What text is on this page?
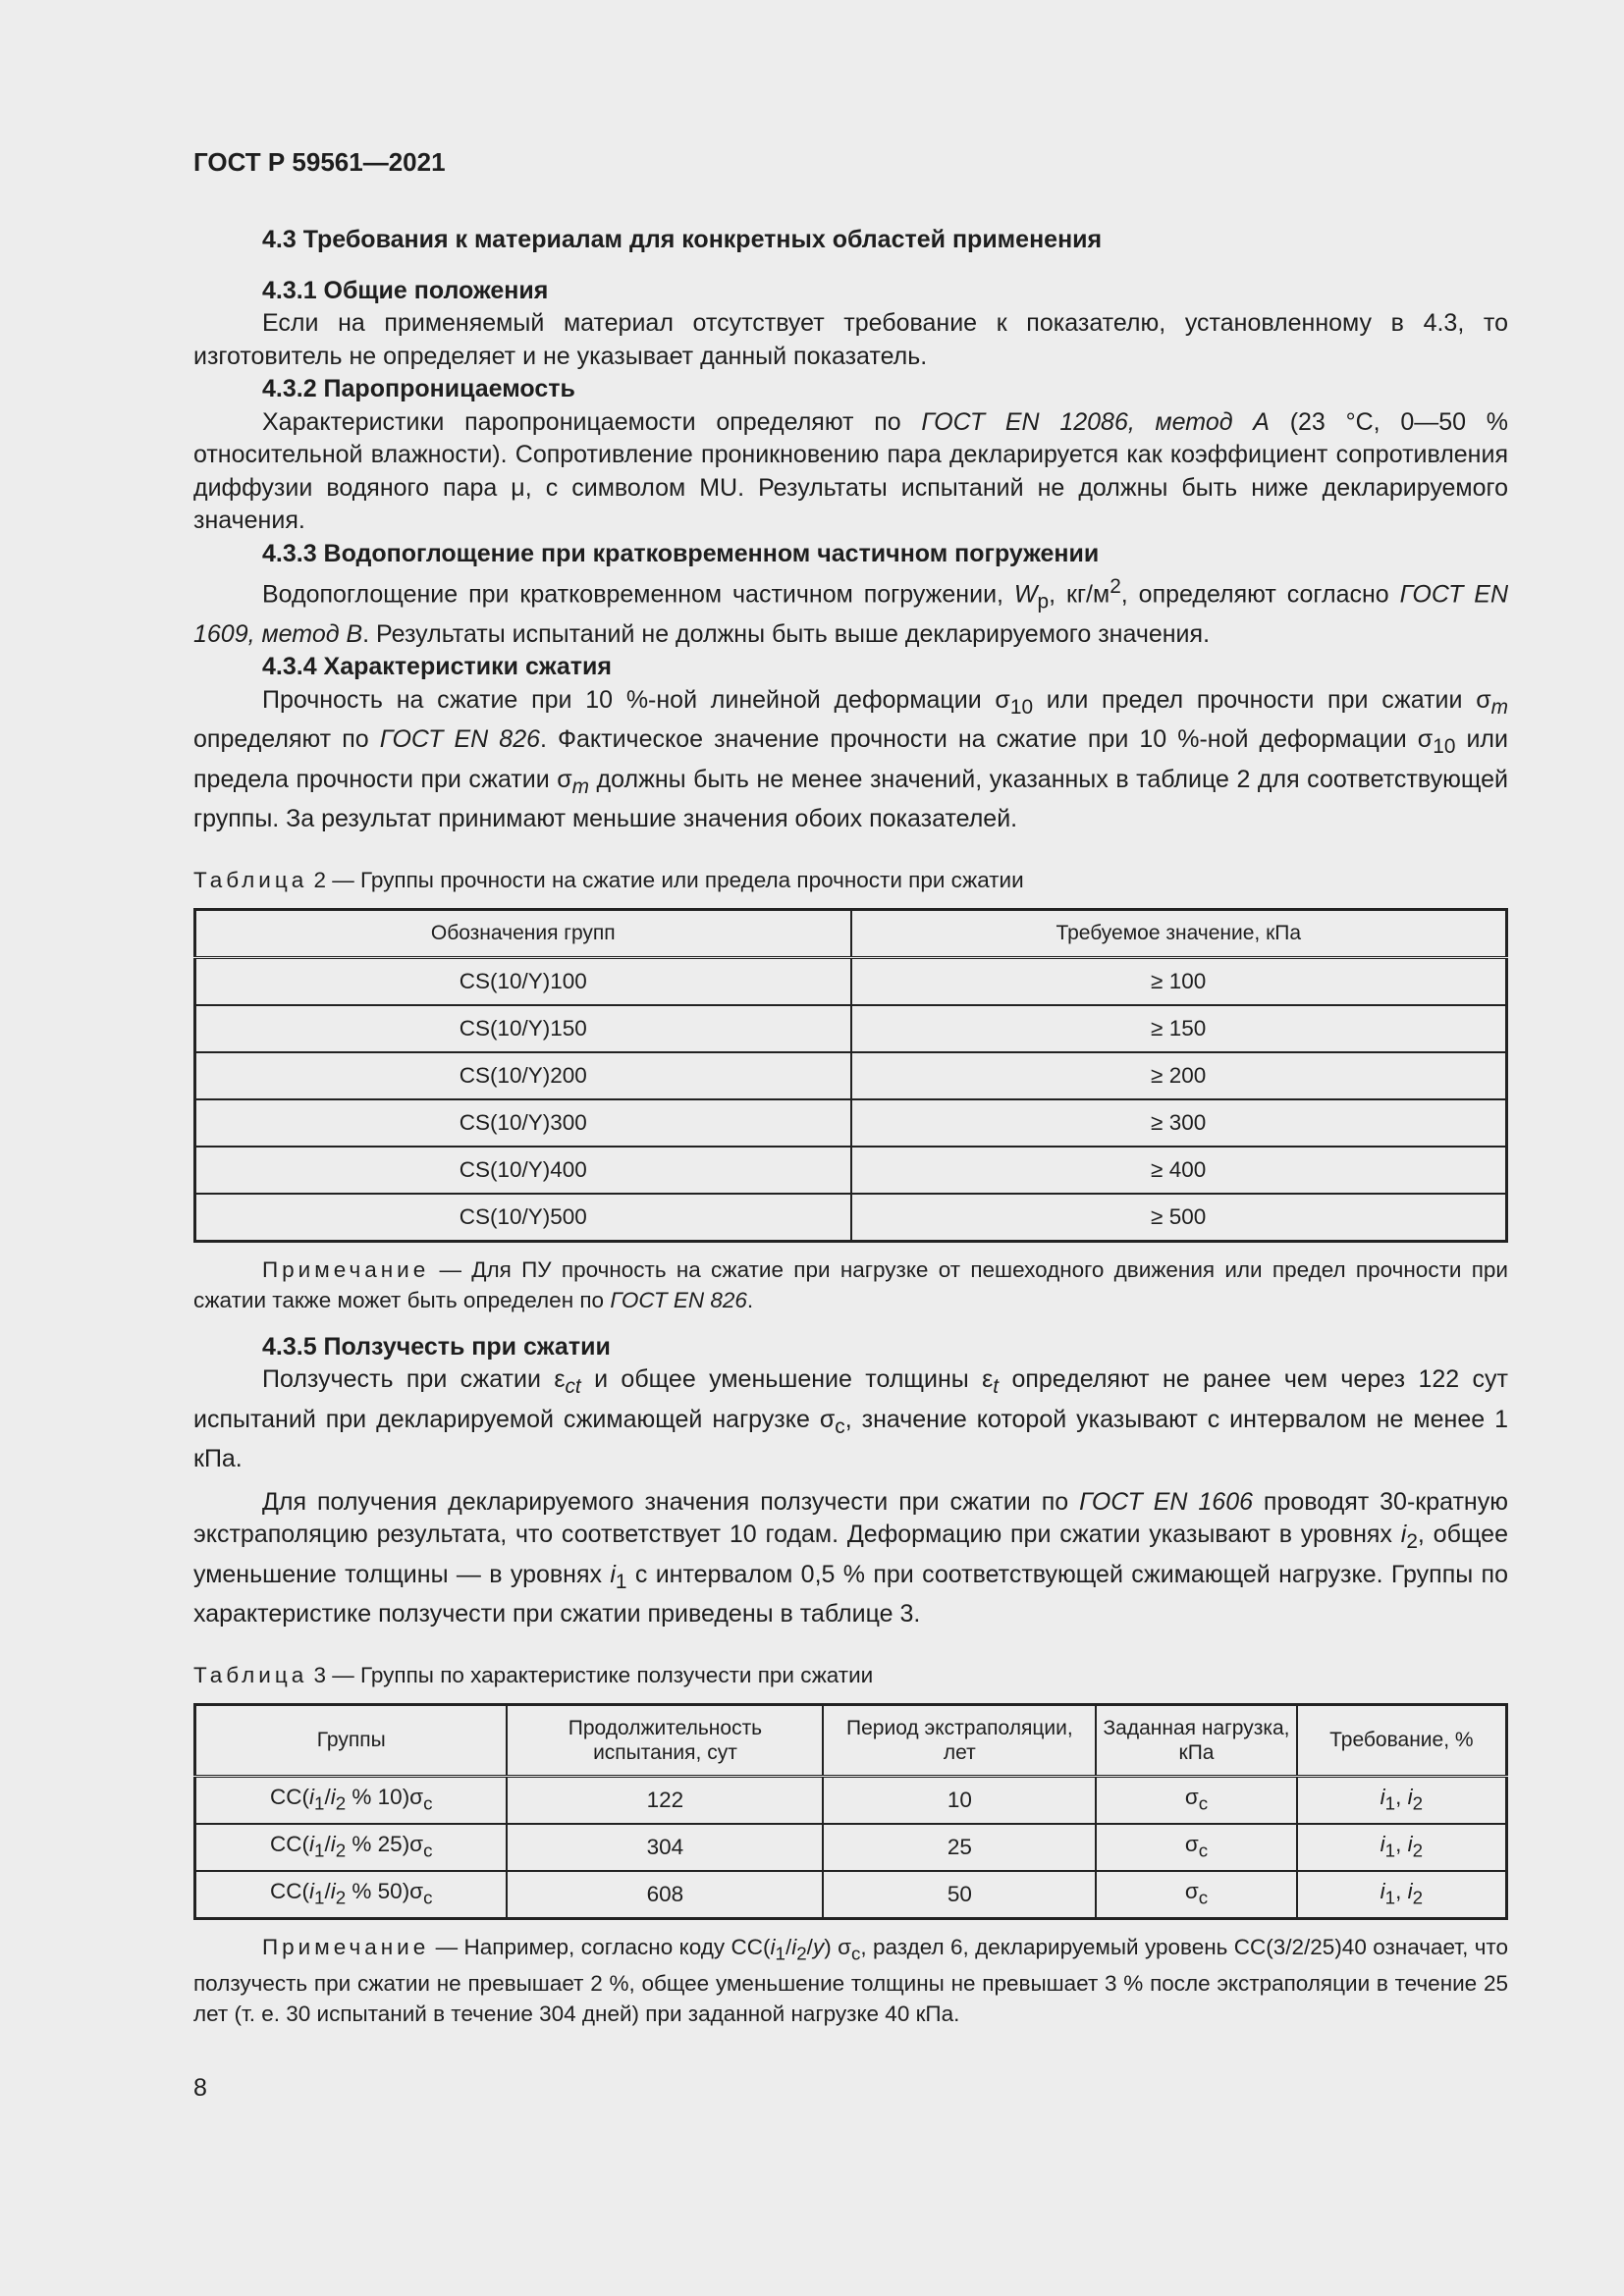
ГОСТ Р 59561—2021

4.3 Требования к материалам для конкретных областей применения

4.3.1 Общие положения

Если на применяемый материал отсутствует требование к показателю, установленному в 4.3, то изготовитель не определяет и не указывает данный показатель.

4.3.2 Паропроницаемость

Характеристики паропроницаемости определяют по ГОСТ EN 12086, метод А (23 °C, 0—50 % относительной влажности). Сопротивление проникновению пара декларируется как коэффициент сопротивления диффузии водяного пара μ, с символом MU. Результаты испытаний не должны быть ниже декларируемого значения.

4.3.3 Водопоглощение при кратковременном частичном погружении

Водопоглощение при кратковременном частичном погружении, $W_p$, $кг/м^2$, определяют согласно ГОСТ EN 1609, метод В. Результаты испытаний не должны быть выше декларируемого значения.

4.3.4 Характеристики сжатия

Прочность на сжатие при 10 %-ной линейной деформации $\sigma_{10}$ или предел прочности при сжатии $\sigma_m$ определяют по ГОСТ EN 826. Фактическое значение прочности на сжатие при 10 %-ной деформации $\sigma_{10}$ или предела прочности при сжатии $\sigma_m$ должны быть не менее значений, указанных в таблице 2 для соответствующей группы. За результат принимают меньшие значения обоих показателей.

Таблица 2 — Группы прочности на сжатие или предела прочности при сжатии

Обозначения групп	Требуемое значение, кПа
CS(10/Y)100	≥ 100
CS(10/Y)150	≥ 150
CS(10/Y)200	≥ 200
CS(10/Y)300	≥ 300
CS(10/Y)400	≥ 400
CS(10/Y)500	≥ 500

Примечание — Для ПУ прочность на сжатие при нагрузке от пешеходного движения или предел прочности при сжатии также может быть определен по ГОСТ EN 826.

4.3.5 Ползучесть при сжатии

Ползучесть при сжатии $\varepsilon_{ct}$ и общее уменьшение толщины $\varepsilon_t$ определяют не ранее чем через 122 сут испытаний при декларируемой сжимающей нагрузке $\sigma_c$, значение которой указывают с интервалом не менее 1 кПа.

Для получения декларируемого значения ползучести при сжатии по ГОСТ EN 1606 проводят 30-кратную экстраполяцию результата, что соответствует 10 годам. Деформацию при сжатии указывают в уровнях $i_2$, общее уменьшение толщины — в уровнях $i_1$ с интервалом 0,5 % при соответствующей сжимающей нагрузке. Группы по характеристике ползучести при сжатии приведены в таблице 3.

Таблица 3 — Группы по характеристике ползучести при сжатии

Группы	Продолжительность испытания, сут	Период экстраполяции, лет	Заданная нагрузка, кПа	Требование, %
$CC(i_1/i_2$ % $10)\sigma_c$	122	10	$\sigma_c$	$i_1$, $i_2$
$CC(i_1/i_2$ % $25)\sigma_c$	304	25	$\sigma_c$	$i_1$, $i_2$
$CC(i_1/i_2$ % $50)\sigma_c$	608	50	$\sigma_c$	$i_1$, $i_2$

Примечание — Например, согласно коду $CC(i_1/i_2/y)$ $\sigma_c$, раздел 6, декларируемый уровень CC(3/2/25)40 означает, что ползучесть при сжатии не превышает 2 %, общее уменьшение толщины не превышает 3 % после экстраполяции в течение 25 лет (т. е. 30 испытаний в течение 304 дней) при заданной нагрузке 40 кПа.

8
